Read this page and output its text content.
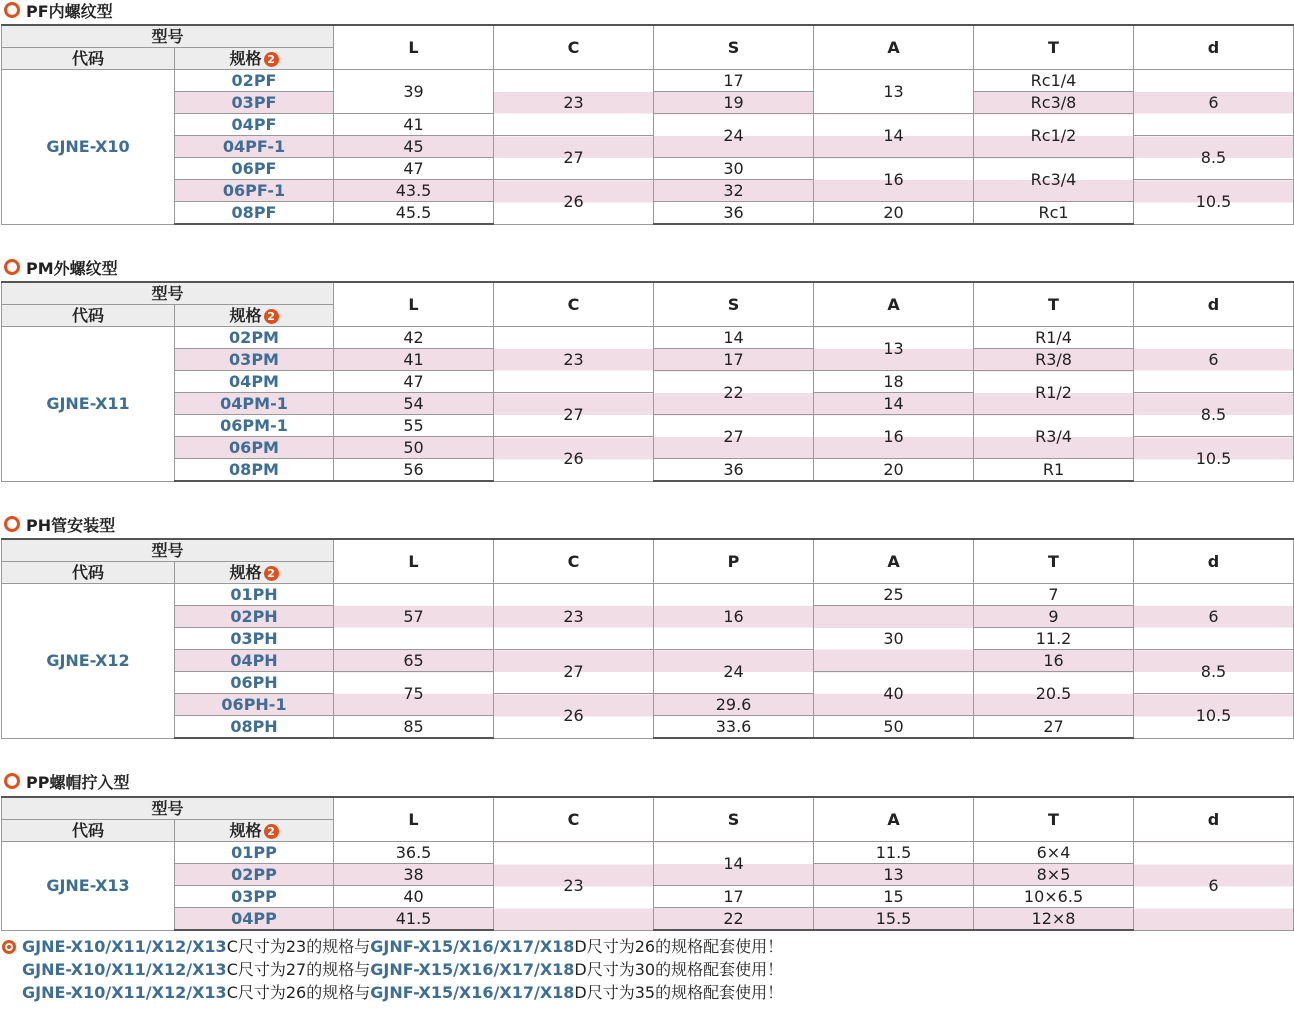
PF内螺纹型
型号		L	C	S	A	T	d
代码	规格 2						
GJNE-X10	02PF	39	23	17	13	Rc1/4	6
	03PF			19		Rc3/8	
	04PF	41		24	14	Rc1/2	
	04PF-1	45	27				8.5
	06PF	47		30	16	Rc3/4	
	06PF-1	43.5	26	32			10.5
	08PF	45.5		36	20	Rc1	
PM外螺纹型
型号		L	C	S	A	T	d
代码	规格 2						
GJNE-X11	02PM	42	23	14	13	R1/4	6
	03PM	41		17		R3/8	
	04PM	47		22	18	R1/2	
	04PM-1	54	27		14		8.5
	06PM-1	55		27	16	R3/4	
	06PM	50	26				10.5
	08PM	56		36	20	R1	
PH管安装型
型号		L	C	P	A	T	d
代码	规格 2						
GJNE-X12	01PH	57	23	16	25	7	6
	02PH				30	9	
	03PH					11.2	
	04PH	65	27	24		16	8.5
	06PH	75			40	20.5	
	06PH-1		26	29.6			10.5
	08PH	85		33.6	50	27	
PP螺帽拧入型
型号		L	C	S	A	T	d
代码	规格 2						
GJNE-X13	01PP	36.5	23	14	11.5	6×4	6
	02PP	38			13	8×5	
	03PP	40		17	15	10×6.5	
	04PP	41.5		22	15.5	12×8	
GJNE-X10/X11/X12/X13 C尺寸为23的规格与 GJNF-X15/X16/X17/X18 D尺寸为26的规格配套使用！
GJNE-X10/X11/X12/X13 C尺寸为27的规格与 GJNF-X15/X16/X17/X18 D尺寸为30的规格配套使用！
GJNE-X10/X11/X12/X13 C尺寸为26的规格与 GJNF-X15/X16/X17/X18 D尺寸为35的规格配套使用！
